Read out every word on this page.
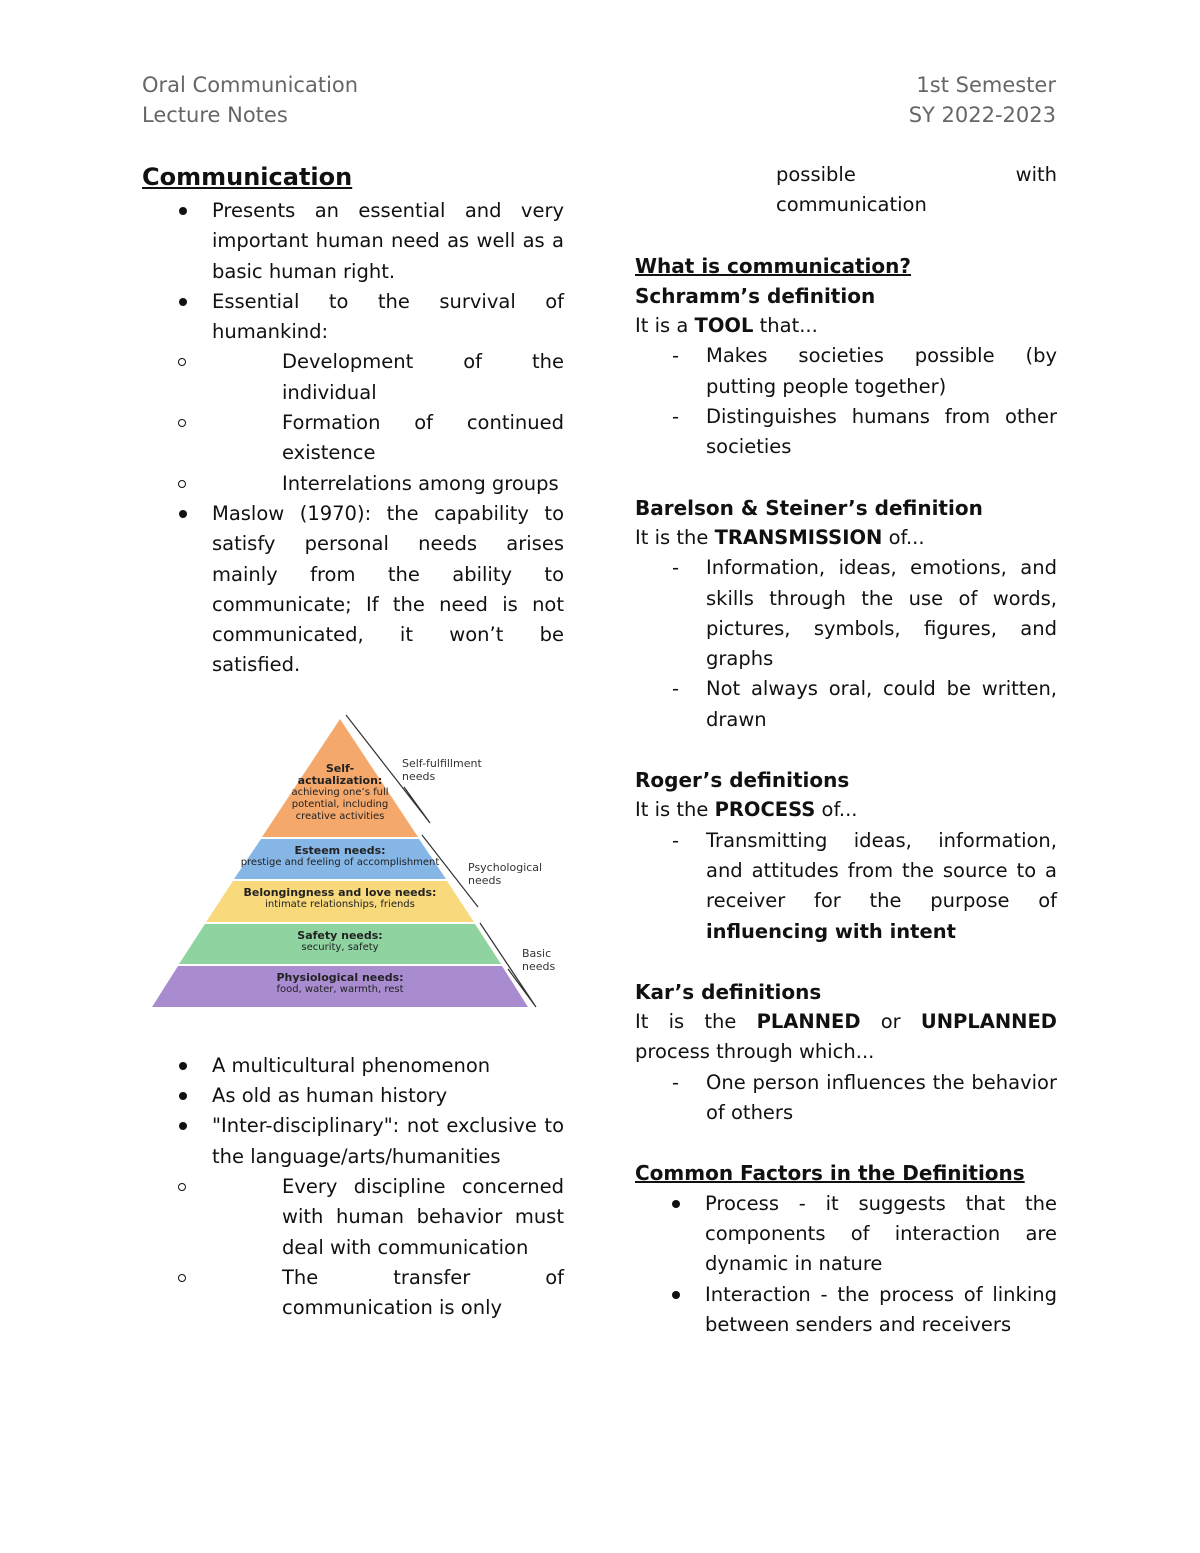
Oral Communication
Lecture Notes
1st Semester
SY 2022-2023
Communication
Presents an essential and very important human need as well as a basic human right.
Essential to the survival of humankind:
Development of the individual
Formation of continued existence
Interrelations among groups
Maslow (1970): the capability to satisfy personal needs arises mainly from the ability to communicate; If the need is not communicated, it won’t be satisfied.
Self-actualization:
achieving one’s full potential, including creative activities
Esteem needs:
prestige and feeling of accomplishment
Belongingness and love needs:
intimate relationships, friends
Safety needs:
security, safety
Physiological needs:
food, water, warmth, rest
Self-fulfillment needs
Psychological needs
Basic needs
A multicultural phenomenon
As old as human history
"Inter-disciplinary": not exclusive to the language/arts/humanities
Every discipline concerned with human behavior must deal with communication
The transfer of communication is only

possible with

communication

What is communication?

Schramm’s definition

It is a TOOL that...

- Makes societies possible (by putting people together)
- Distinguishes humans from other societies

Barelson & Steiner’s definition

It is the TRANSMISSION of...

- Information, ideas, emotions, and skills through the use of words, pictures, symbols, figures, and graphs
- Not always oral, could be written, drawn

Roger’s definitions

It is the PROCESS of...

- Transmitting ideas, information, and attitudes from the source to a receiver for the purpose of influencing with intent

Kar’s definitions

It is the PLANNED or UNPLANNED process through which...

- One person influences the behavior of others

Common Factors in the Definitions

Process - it suggests that the components of interaction are dynamic in nature
Interaction - the process of linking between senders and receivers
